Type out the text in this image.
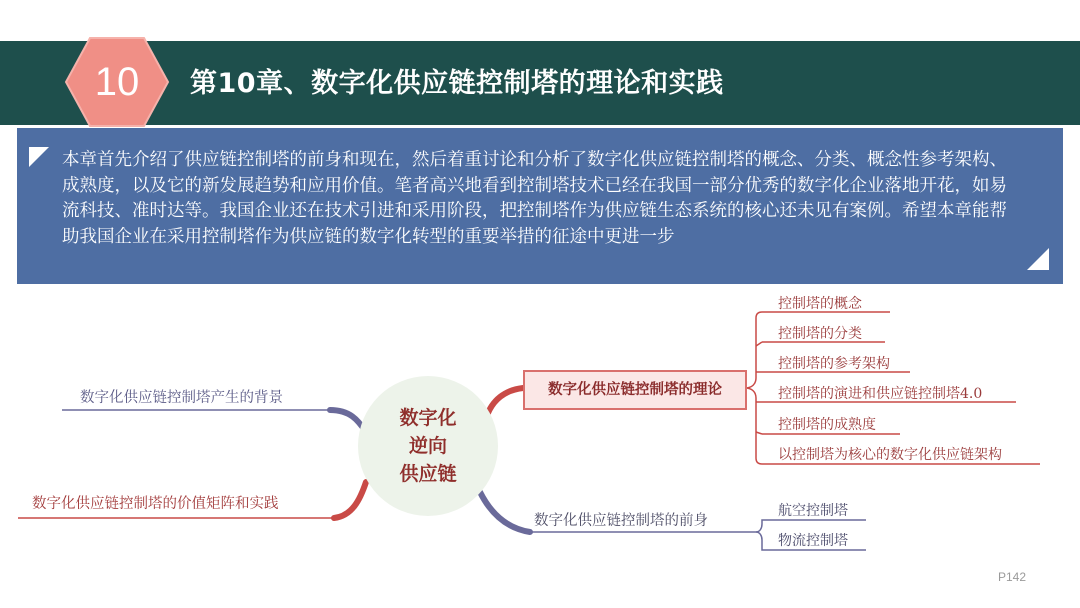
10	第10章、数字化供应链控制塔的理论和实践
本章首先介绍了供应链控制塔的前身和现在，然后着重讨论和分析了数字化供应链控制塔的概念、分类、概念性参考架构、 成熟度，以及它的新发展趋势和应用价值。笔者高兴地看到控制塔技术已经在我国一部分优秀的数字化企业落地开花，如易流科技、准时达等。我国企业还在技术引进和采用阶段，把控制塔作为供应链生态系统的核心还未见有案例。希望本章能帮助我国企业在采用控制塔作为供应链的数字化转型的重要举措的征途中更进一步
数字化
逆向
供应链
数字化供应链控制塔产生的背景
数字化供应链控制塔的价值矩阵和实践
数字化供应链控制塔的理论
控制塔的概念
控制塔的分类
控制塔的参考架构
控制塔的演进和供应链控制塔4.0
控制塔的成熟度
以控制塔为核心的数字化供应链架构
数字化供应链控制塔的前身
航空控制塔
物流控制塔
P142
